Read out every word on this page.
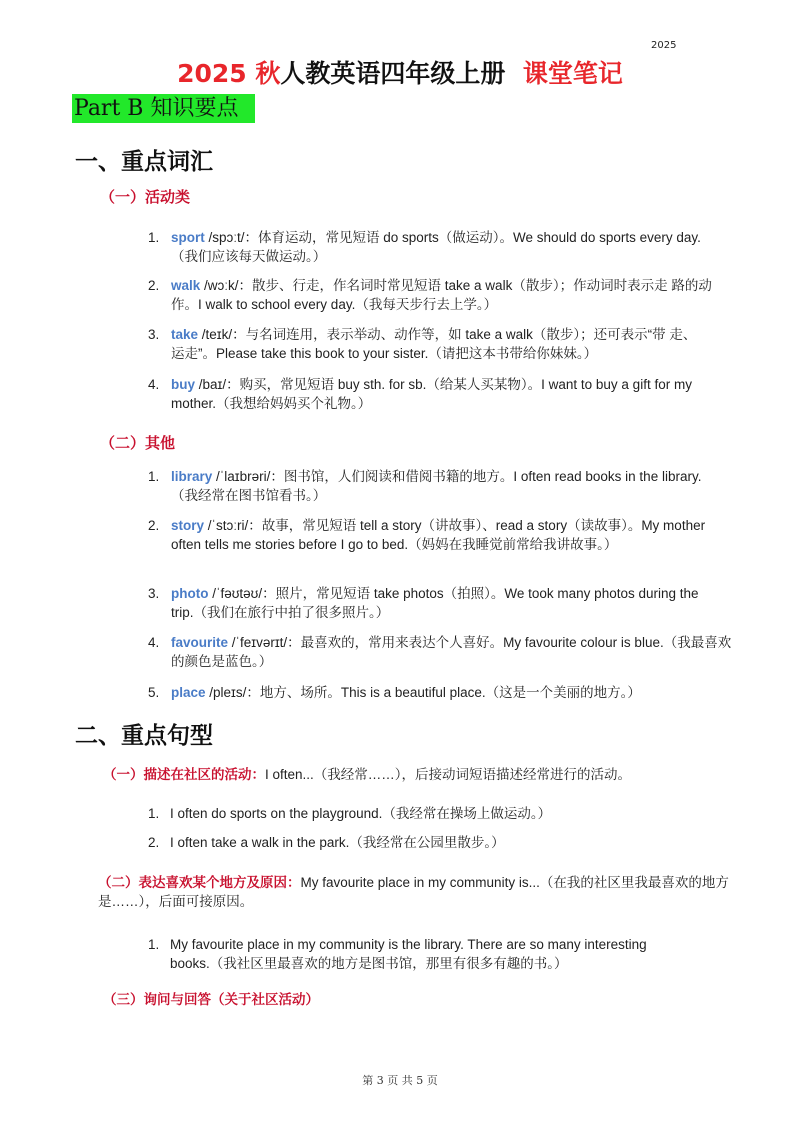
2025
2025 秋人教英语四年级上册 课堂笔记
Part B 知识要点
一、重点词汇
（一）活动类
1. sport /spɔːt/：体育运动，常见短语 do sports（做运动）。We should do sports every day.（我们应该每天做运动。）
2. walk /wɔːk/：散步、行走，作名词时常见短语 take a walk（散步）；作动词时表示走 路的动作。I walk to school every day.（我每天步行去上学。）
3. take /teɪk/：与名词连用，表示举动、动作等，如 take a walk（散步）；还可表示“带 走、运走”。Please take this book to your sister.（请把这本书带给你妹妹。）
4. buy /baɪ/：购买，常见短语 buy sth. for sb.（给某人买某物）。I want to buy a gift for my mother.（我想给妈妈买个礼物。）
（二）其他
1. library /ˈlaɪbrəri/：图书馆，人们阅读和借阅书籍的地方。I often read books in the library.（我经常在图书馆看书。）
2. story /ˈstɔːri/：故事，常见短语 tell a story（讲故事）、read a story（读故事）。My mother often tells me stories before I go to bed.（妈妈在我睡觉前常给我讲故事。）
3. photo /ˈfəʊtəʊ/：照片，常见短语 take photos（拍照）。We took many photos during the trip.（我们在旅行中拍了很多照片。）
4. favourite /ˈfeɪvərɪt/：最喜欢的，常用来表达个人喜好。My favourite colour is blue.（我最喜欢的颜色是蓝色。）
5. place /pleɪs/：地方、场所。This is a beautiful place.（这是一个美丽的地方。）
二、重点句型
（一）描述在社区的活动：I often...（我经常……），后接动词短语描述经常进行的活动。
1. I often do sports on the playground.（我经常在操场上做运动。）
2. I often take a walk in the park.（我经常在公园里散步。）
（二）表达喜欢某个地方及原因：My favourite place in my community is...（在我的社区里我最喜欢的地方是……），后面可接原因。
1. My favourite place in my community is the library. There are so many interesting books.（我社区里最喜欢的地方是图书馆，那里有很多有趣的书。）
（三）询问与回答（关于社区活动）
第 3 页 共 5 页
